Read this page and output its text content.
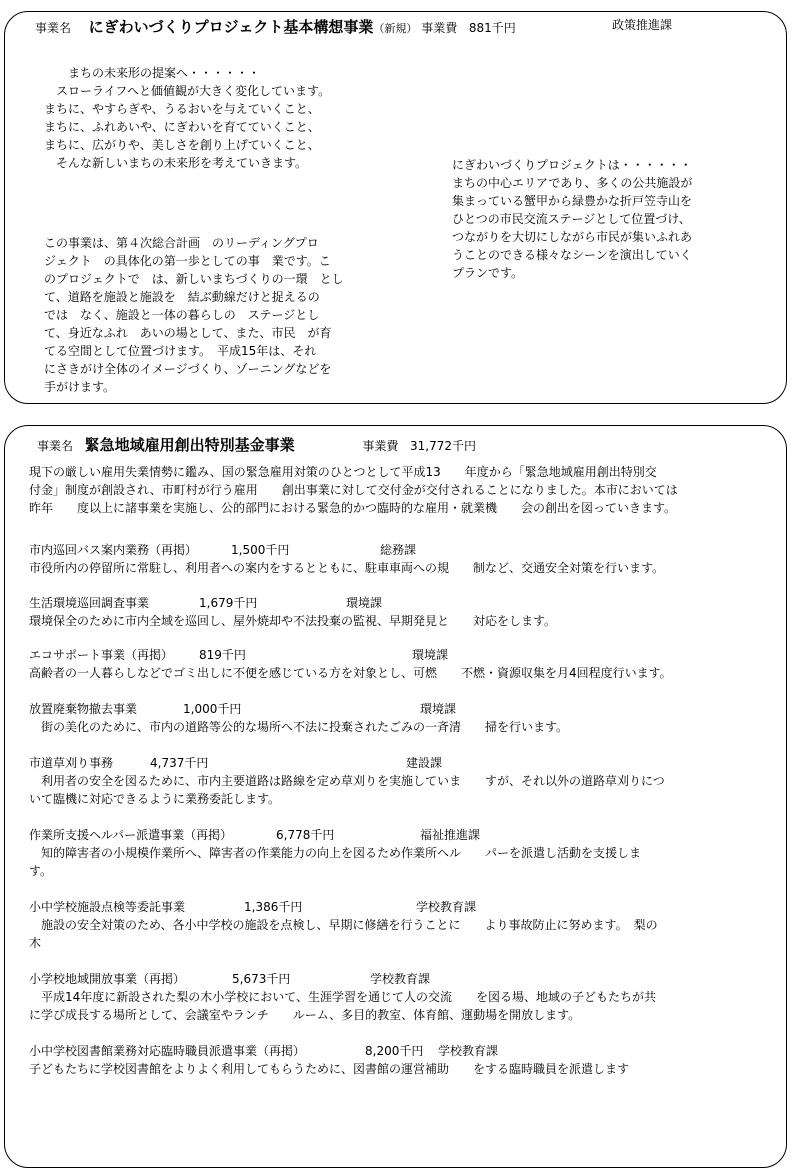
事業名 にぎわいづくりプロジェクト基本構想事業（新規） 事業費 881千円	政策推進課
　　まちの未来形の提案へ・・・・・・
　スローライフへと価値観が大きく変化しています。
まちに、やすらぎや、うるおいを与えていくこと、
まちに、ふれあいや、にぎわいを育てていくこと、
まちに、広がりや、美しさを創り上げていくこと、
　そんな新しいまちの未来形を考えていきます。	にぎわいづくりプロジェクトは・・・・・・
まちの中心エリアであり、多くの公共施設が
集まっている蟹甲から緑豊かな折戸笠寺山を
ひとつの市民交流ステージとして位置づけ、
つながりを大切にしながら市民が集いふれあ
うことのできる様々なシーンを演出していく
プランです。
この事業は、第４次総合計画　のリーディングプロ
ジェクト　の具体化の第一歩としての事　業です。こ
のプロジェクトで　は、新しいまちづくりの一環　とし
て、道路を施設と施設を　結ぶ動線だけと捉えるの
では　なく、施設と一体の暮らしの　ステージとし
て、身近なふれ　あいの場として、また、市民　が育
てる空間として位置づけます。　平成15年は、それ
にさきがけ全体のイメージづくり、ゾーニングなどを
手がけます。
事業名 緊急地域雇用創出特別基金事業	事業費 31,772千円
現下の厳しい雇用失業情勢に鑑み、国の緊急雇用対策のひとつとして平成13　　年度から「緊急地域雇用創出特別交
付金」制度が創設され、市町村が行う雇用　　創出事業に対して交付金が交付されることになりました。本市においては
昨年　　度以上に諸事業を実施し、公的部門における緊急的かつ臨時的な雇用・就業機　　会の創出を図っていきます。
市内巡回バス案内業務（再掲）	1,500千円	総務課
市役所内の停留所に常駐し、利用者への案内をするとともに、駐車車両への規　　制など、交通安全対策を行います。
生活環境巡回調査事業	1,679千円	環境課
環境保全のために市内全域を巡回し、屋外焼却や不法投棄の監視、早期発見と　　対応をします。
エコサポート事業（再掲） 819千円	環境課
高齢者の一人暮らしなどでゴミ出しに不便を感じている方を対象とし、可燃　　不燃・資源収集を月4回程度行います。
放置廃棄物撤去事業	1,000千円	環境課
　街の美化のために、市内の道路等公的な場所へ不法に投棄されたごみの一斉清　　掃を行います。
市道草刈り事務	4,737千円	建設課
　利用者の安全を図るために、市内主要道路は路線を定め草刈りを実施していま　　すが、それ以外の道路草刈りにつ
いて臨機に対応できるように業務委託します。
作業所支援ヘルパー派遣事業（再掲）	6,778千円	福祉推進課
　知的障害者の小規模作業所へ、障害者の作業能力の向上を図るため作業所ヘル　　パーを派遣し活動を支援しま
す。
小中学校施設点検等委託事業	1,386千円	学校教育課
　施設の安全対策のため、各小中学校の施設を点検し、早期に修繕を行うことに　　より事故防止に努めます。　梨の
木
小学校地域開放事業（再掲）	5,673千円	学校教育課
　平成14年度に新設された梨の木小学校において、生涯学習を通じて人の交流　　を図る場、地域の子どもたちが共
に学び成長する場所として、会議室やランチ　　ルーム、多目的教室、体育館、運動場を開放します。
小中学校図書館業務対応臨時職員派遣事業（再掲）	8,200千円 学校教育課
子どもたちに学校図書館をよりよく利用してもらうために、図書館の運営補助　　をする臨時職員を派遣します
